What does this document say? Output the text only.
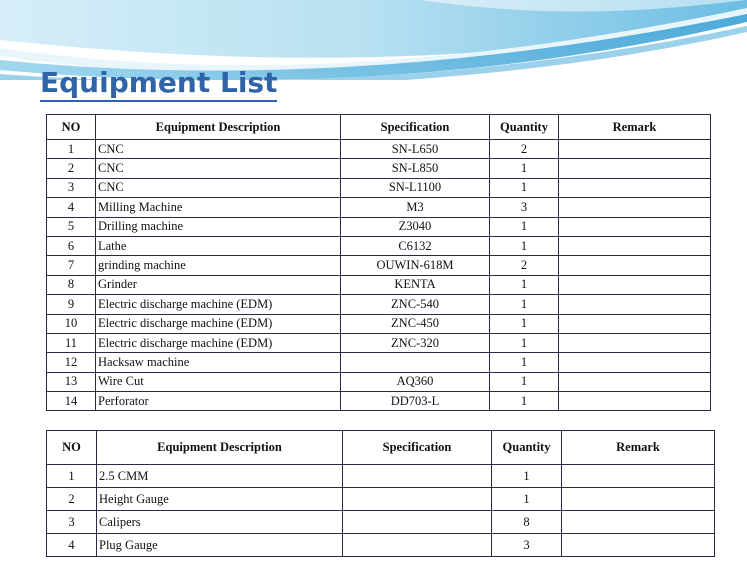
Equipment List
NO	Equipment Description	Specification	Quantity	Remark
1	CNC	SN-L650	2	
2	CNC	SN-L850	1	
3	CNC	SN-L1100	1	
4	Milling Machine	M3	3	
5	Drilling machine	Z3040	1	
6	Lathe	C6132	1	
7	grinding machine	OUWIN-618M	2	
8	Grinder	KENTA	1	
9	Electric discharge machine (EDM)	ZNC-540	1	
10	Electric discharge machine (EDM)	ZNC-450	1	
11	Electric discharge machine (EDM)	ZNC-320	1	
12	Hacksaw machine		1	
13	Wire Cut	AQ360	1	
14	Perforator	DD703-L	1	
NO	Equipment Description	Specification	Quantity	Remark
1	2.5 CMM		1	
2	Height Gauge		1	
3	Calipers		8	
4	Plug Gauge		3	
